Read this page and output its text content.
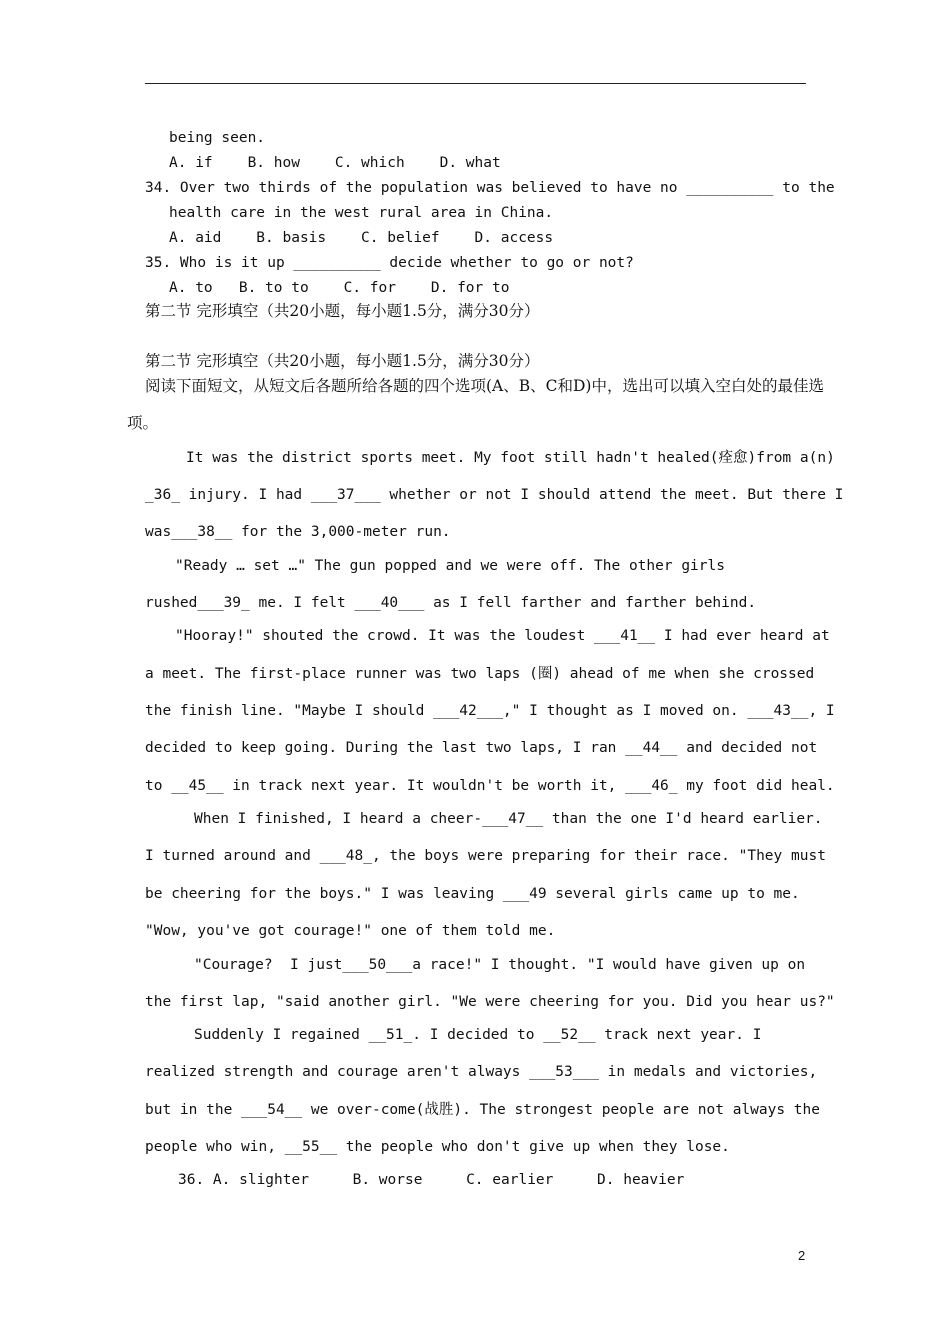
being seen.
A. if    B. how    C. which    D. what
34. Over two thirds of the population was believed to have no __________ to the
health care in the west rural area in China.
A. aid    B. basis    C. belief    D. access
35. Who is it up __________ decide whether to go or not?
A. to   B. to to    C. for    D. for to
第二节 完形填空（共20小题，每小题1.5分，满分30分）
第二节 完形填空（共20小题，每小题1.5分，满分30分）
阅读下面短文，从短文后各题所给各题的四个选项(A、B、C和D)中，选出可以填入空白处的最佳选
项。
It was the district sports meet. My foot still hadn't healed(痊愈)from a(n)
_36_ injury. I had ___37___ whether or not I should attend the meet. But there I
was___38__ for the 3,000-meter run.
"Ready … set …" The gun popped and we were off. The other girls
rushed___39_ me. I felt ___40___ as I fell farther and farther behind.
"Hooray!" shouted the crowd. It was the loudest ___41__ I had ever heard at
a meet. The first-place runner was two laps (圈) ahead of me when she crossed
the finish line. "Maybe I should ___42___," I thought as I moved on. ___43__, I
decided to keep going. During the last two laps, I ran __44__ and decided not
to __45__ in track next year. It wouldn't be worth it, ___46_ my foot did heal.
When I finished, I heard a cheer-___47__ than the one I'd heard earlier.
I turned around and ___48_, the boys were preparing for their race. "They must
be cheering for the boys." I was leaving ___49 several girls came up to me.
"Wow, you've got courage!" one of them told me.
"Courage?  I just___50___a race!" I thought. "I would have given up on
the first lap, "said another girl. "We were cheering for you. Did you hear us?"
Suddenly I regained __51_. I decided to __52__ track next year. I
realized strength and courage aren't always ___53___ in medals and victories,
but in the ___54__ we over-come(战胜). The strongest people are not always the
people who win, __55__ the people who don't give up when they lose.
36. A. slighter     B. worse     C. earlier     D. heavier
2
